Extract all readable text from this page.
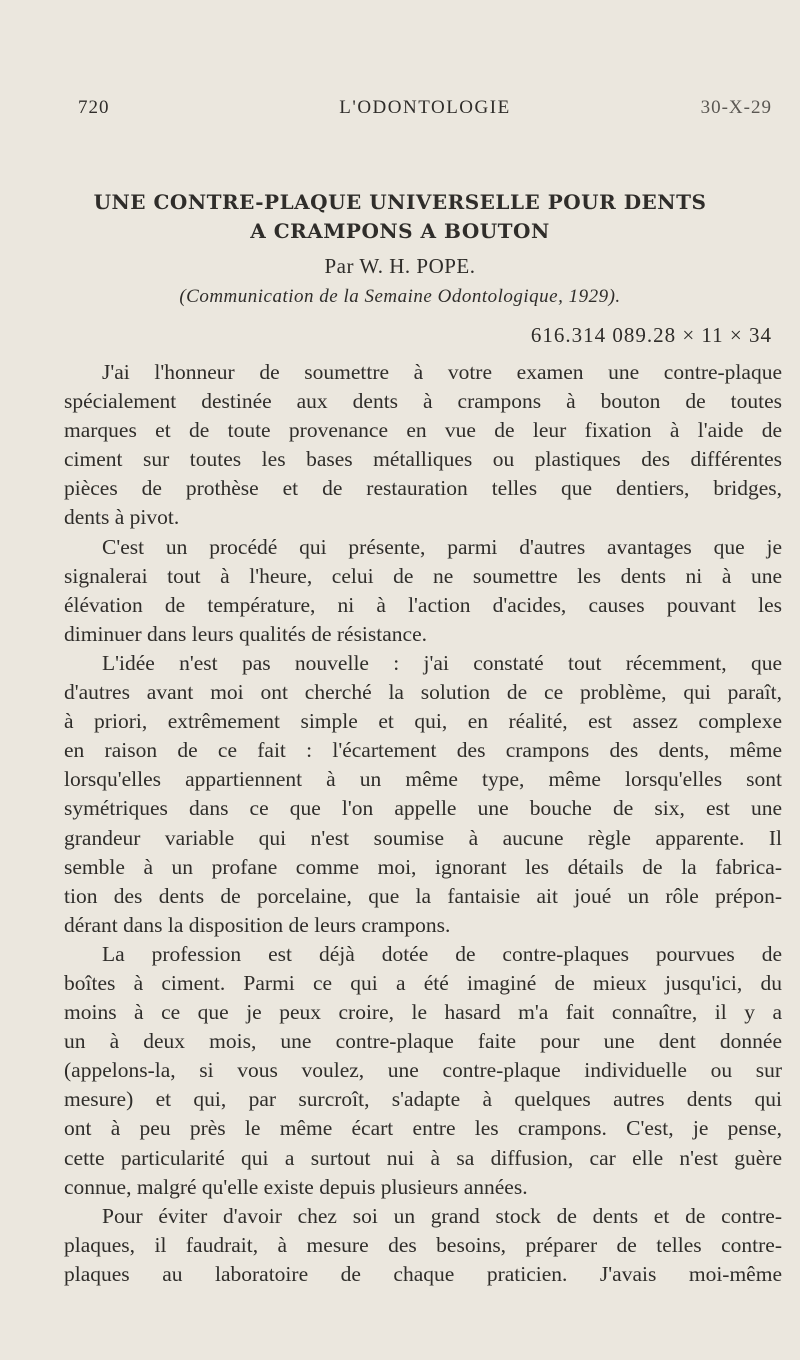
720	L'ODONTOLOGIE	30-X-29
UNE CONTRE-PLAQUE UNIVERSELLE POUR DENTS
A CRAMPONS A BOUTON
Par W. H. POPE.
(Communication de la Semaine Odontologique, 1929).
616.314 089.28 × 11 × 34
J'ai l'honneur de soumettre à votre examen une contre-plaque
spécialement destinée aux dents à crampons à bouton de toutes
marques et de toute provenance en vue de leur fixation à l'aide de
ciment sur toutes les bases métalliques ou plastiques des différentes
pièces de prothèse et de restauration telles que dentiers, bridges,
dents à pivot.
C'est un procédé qui présente, parmi d'autres avantages que je
signalerai tout à l'heure, celui de ne soumettre les dents ni à une
élévation de température, ni à l'action d'acides, causes pouvant les
diminuer dans leurs qualités de résistance.
L'idée n'est pas nouvelle : j'ai constaté tout récemment, que
d'autres avant moi ont cherché la solution de ce problème, qui paraît,
à priori, extrêmement simple et qui, en réalité, est assez complexe
en raison de ce fait : l'écartement des crampons des dents, même
lorsqu'elles appartiennent à un même type, même lorsqu'elles sont
symétriques dans ce que l'on appelle une bouche de six, est une
grandeur variable qui n'est soumise à aucune règle apparente. Il
semble à un profane comme moi, ignorant les détails de la fabrica-
tion des dents de porcelaine, que la fantaisie ait joué un rôle prépon-
dérant dans la disposition de leurs crampons.
La profession est déjà dotée de contre-plaques pourvues de
boîtes à ciment. Parmi ce qui a été imaginé de mieux jusqu'ici, du
moins à ce que je peux croire, le hasard m'a fait connaître, il y a
un à deux mois, une contre-plaque faite pour une dent donnée
(appelons-la, si vous voulez, une contre-plaque individuelle ou sur
mesure) et qui, par surcroît, s'adapte à quelques autres dents qui
ont à peu près le même écart entre les crampons. C'est, je pense,
cette particularité qui a surtout nui à sa diffusion, car elle n'est guère
connue, malgré qu'elle existe depuis plusieurs années.
Pour éviter d'avoir chez soi un grand stock de dents et de contre-
plaques, il faudrait, à mesure des besoins, préparer de telles contre-
plaques au laboratoire de chaque praticien. J'avais moi-même
